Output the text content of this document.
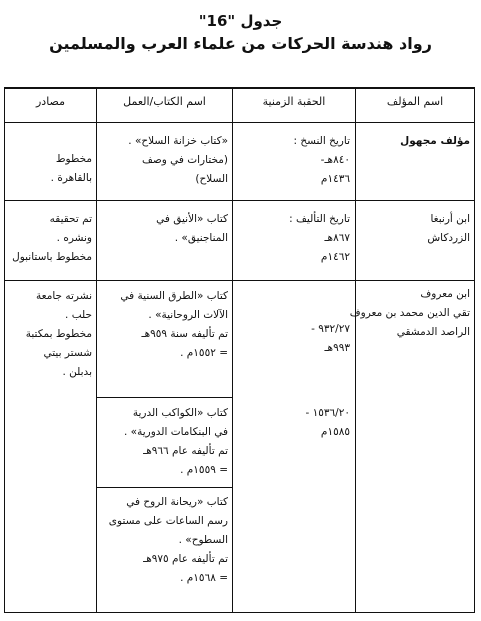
جدول "16"
رواد هندسة الحركات من علماء العرب والمسلمين
اسم المؤلف
الحقبة الزمنية
اسم الكتاب/العمل
مصادر
مؤلف مجهول
تاريخ النسخ :
٨٤٠هـ-
١٤٣٦م
«كتاب خزانة السلاح» .
(مختارات في وصف
السلاح)
مخطوط
بالقاهرة .
ابن أرنبغا
الزردكاش
تاريخ التأليف :
٨٦٧هـ
١٤٦٢م
كتاب «الأنيق في
المناجنيق» .
تم تحقيقه
ونشره .
مخطوط باستانبول
ابن معروف
تقي الدين محمد بن معروف
الراصد الدمشقي
٩٣٢/٢٧ -
٩٩٣هـ
كتاب «الطرق السنية في
الآلات الروحانية» .
تم تأليفه سنة ٩٥٩هـ
= ١٥٥٢م .
نشرته جامعة
حلب .
مخطوط بمكتبة
شستر بيتي
بدبلن .
١٥٣٦/٢٠ -
١٥٨٥م
كتاب «الكواكب الدرية
في البنكامات الدورية» .
تم تأليفه عام ٩٦٦هـ
= ١٥٥٩م .
كتاب «ريحانة الروح في
رسم الساعات على مستوى
السطوح» .
تم تأليفه عام ٩٧٥هـ
= ١٥٦٨م .
